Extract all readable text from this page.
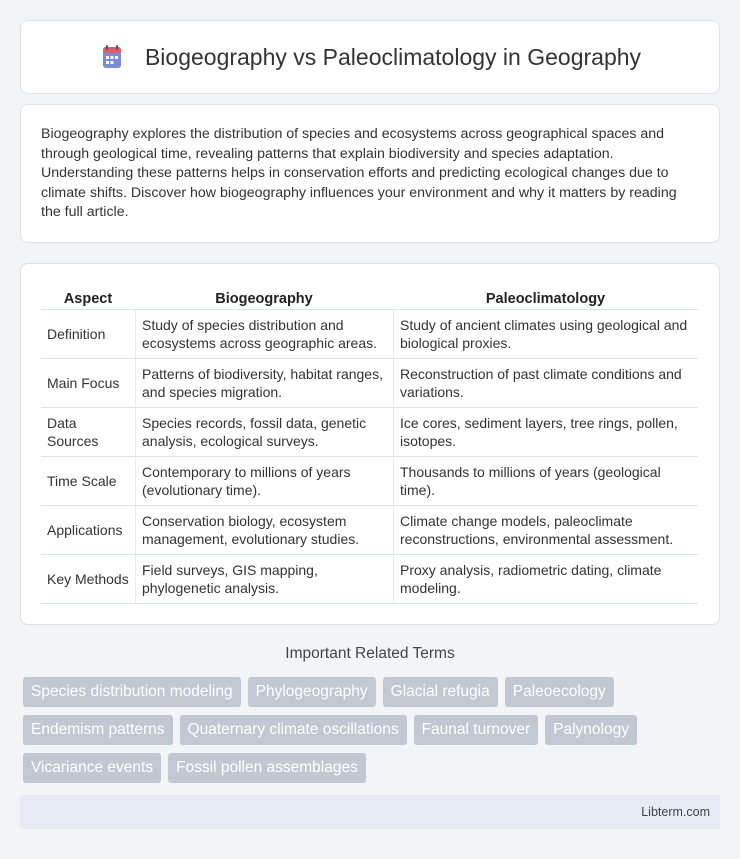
Biogeography vs Paleoclimatology in Geography

Biogeography explores the distribution of species and ecosystems across geographical spaces and through geological time, revealing patterns that explain biodiversity and species adaptation. Understanding these patterns helps in conservation efforts and predicting ecological changes due to climate shifts. Discover how biogeography influences your environment and why it matters by reading the full article.

Aspect	Biogeography	Paleoclimatology
Definition	Study of species distribution and ecosystems across geographic areas.	Study of ancient climates using geological and biological proxies.
Main Focus	Patterns of biodiversity, habitat ranges, and species migration.	Reconstruction of past climate conditions and variations.
Data Sources	Species records, fossil data, genetic analysis, ecological surveys.	Ice cores, sediment layers, tree rings, pollen, isotopes.
Time Scale	Contemporary to millions of years (evolutionary time).	Thousands to millions of years (geological time).
Applications	Conservation biology, ecosystem management, evolutionary studies.	Climate change models, paleoclimate reconstructions, environmental assessment.
Key Methods	Field surveys, GIS mapping, phylogenetic analysis.	Proxy analysis, radiometric dating, climate modeling.
Important Related Terms
Species distribution modeling	Phylogeography	Glacial refugia	Paleoecology
Endemism patterns	Quaternary climate oscillations	Faunal turnover	Palynology
Vicariance events	Fossil pollen assemblages
Libterm.com
